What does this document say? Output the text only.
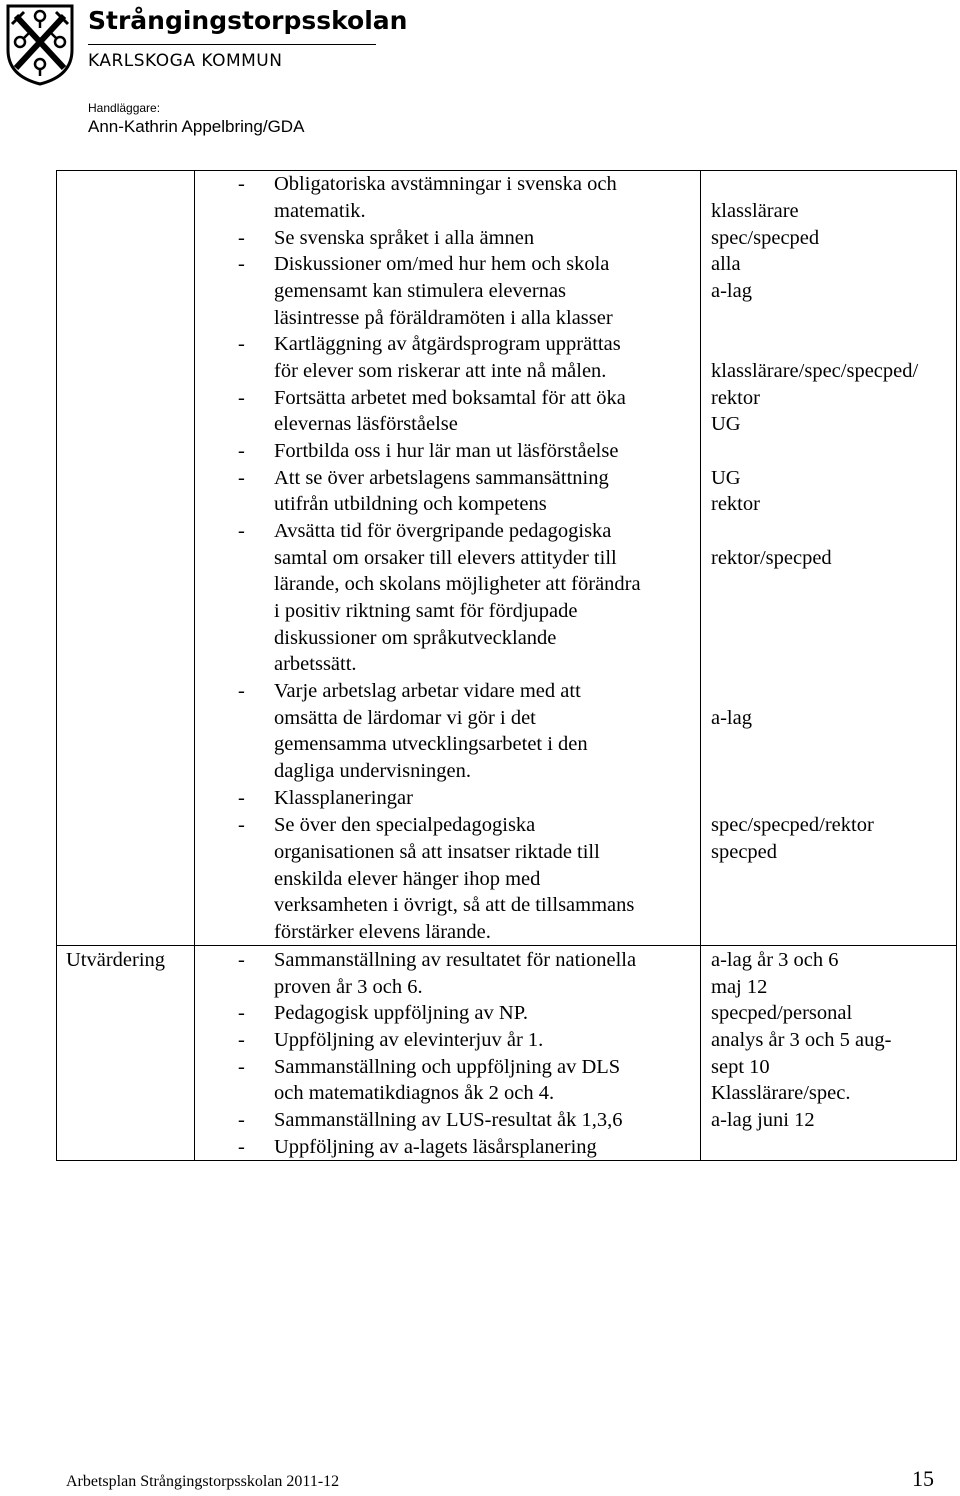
Strångingstorpsskolan
KARLSKOGA KOMMUN
Handläggare:
Ann-Kathrin Appelbring/GDA
Utvärdering
- Obligatoriska avstämningar i svenska och
matematik.
- Se svenska språket i alla ämnen
- Diskussioner om/med hur hem och skola
gemensamt kan stimulera elevernas
läsintresse på föräldramöten i alla klasser
- Kartläggning av åtgärdsprogram upprättas
för elever som riskerar att inte nå målen.
- Fortsätta arbetet med boksamtal för att öka
elevernas läsförståelse
- Fortbilda oss i hur lär man ut läsförståelse
- Att se över arbetslagens sammansättning
utifrån utbildning och kompetens
- Avsätta tid för övergripande pedagogiska
samtal om orsaker till elevers attityder till
lärande, och skolans möjligheter att förändra
i positiv riktning samt för fördjupade
diskussioner om språkutvecklande
arbetssätt.
- Varje arbetslag arbetar vidare med att
omsätta de lärdomar vi gör i det
gemensamma utvecklingsarbetet i den
dagliga undervisningen.
- Klassplaneringar
- Se över den specialpedagogiska
organisationen så att insatser riktade till
enskilda elever hänger ihop med
verksamheten i övrigt, så att de tillsammans
förstärker elevens lärande.
klasslärare
spec/specped
alla
a-lag
klasslärare/spec/specped/
rektor
UG
UG
rektor
rektor/specped
a-lag
spec/specped/rektor
specped
- Sammanställning av resultatet för nationella
proven år 3 och 6.
- Pedagogisk uppföljning av NP.
- Uppföljning av elevinterjuv år 1.
- Sammanställning och uppföljning av DLS
och matematikdiagnos åk 2 och 4.
- Sammanställning av LUS-resultat åk 1,3,6
- Uppföljning av a-lagets läsårsplanering
a-lag år 3 och 6
maj 12
specped/personal
analys år 3 och 5 aug-
sept 10
Klasslärare/spec.
a-lag juni 12
Arbetsplan Strångingstorpsskolan 2011-12	15
